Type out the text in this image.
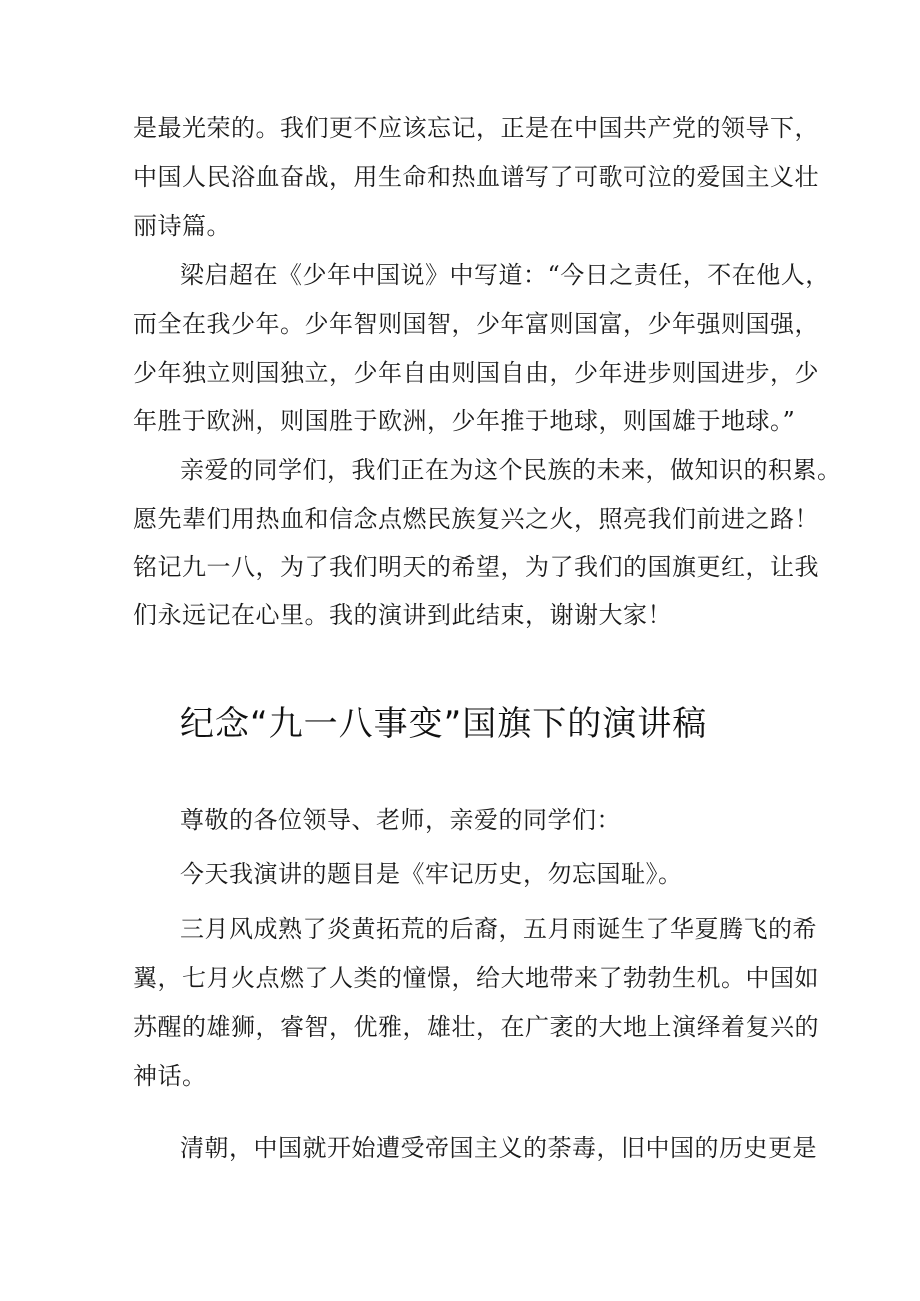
是最光荣的。我们更不应该忘记，正是在中国共产党的领导下，
中国人民浴血奋战，用生命和热血谱写了可歌可泣的爱国主义壮
丽诗篇。
梁启超在《少年中国说》中写道：“今日之责任，不在他人，
而全在我少年。少年智则国智，少年富则国富，少年强则国强，
少年独立则国独立，少年自由则国自由，少年进步则国进步，少
年胜于欧洲，则国胜于欧洲，少年推于地球，则国雄于地球。”
亲爱的同学们，我们正在为这个民族的未来，做知识的积累。
愿先辈们用热血和信念点燃民族复兴之火，照亮我们前进之路！
铭记九一八，为了我们明天的希望，为了我们的国旗更红，让我
们永远记在心里。我的演讲到此结束，谢谢大家！
纪念“九一八事变”国旗下的演讲稿
尊敬的各位领导、老师，亲爱的同学们：
今天我演讲的题目是《牢记历史，勿忘国耻》。
三月风成熟了炎黄拓荒的后裔，五月雨诞生了华夏腾飞的希
翼，七月火点燃了人类的憧憬，给大地带来了勃勃生机。中国如
苏醒的雄狮，睿智，优雅，雄壮，在广袤的大地上演绎着复兴的
神话。
清朝，中国就开始遭受帝国主义的荼毒，旧中国的历史更是
